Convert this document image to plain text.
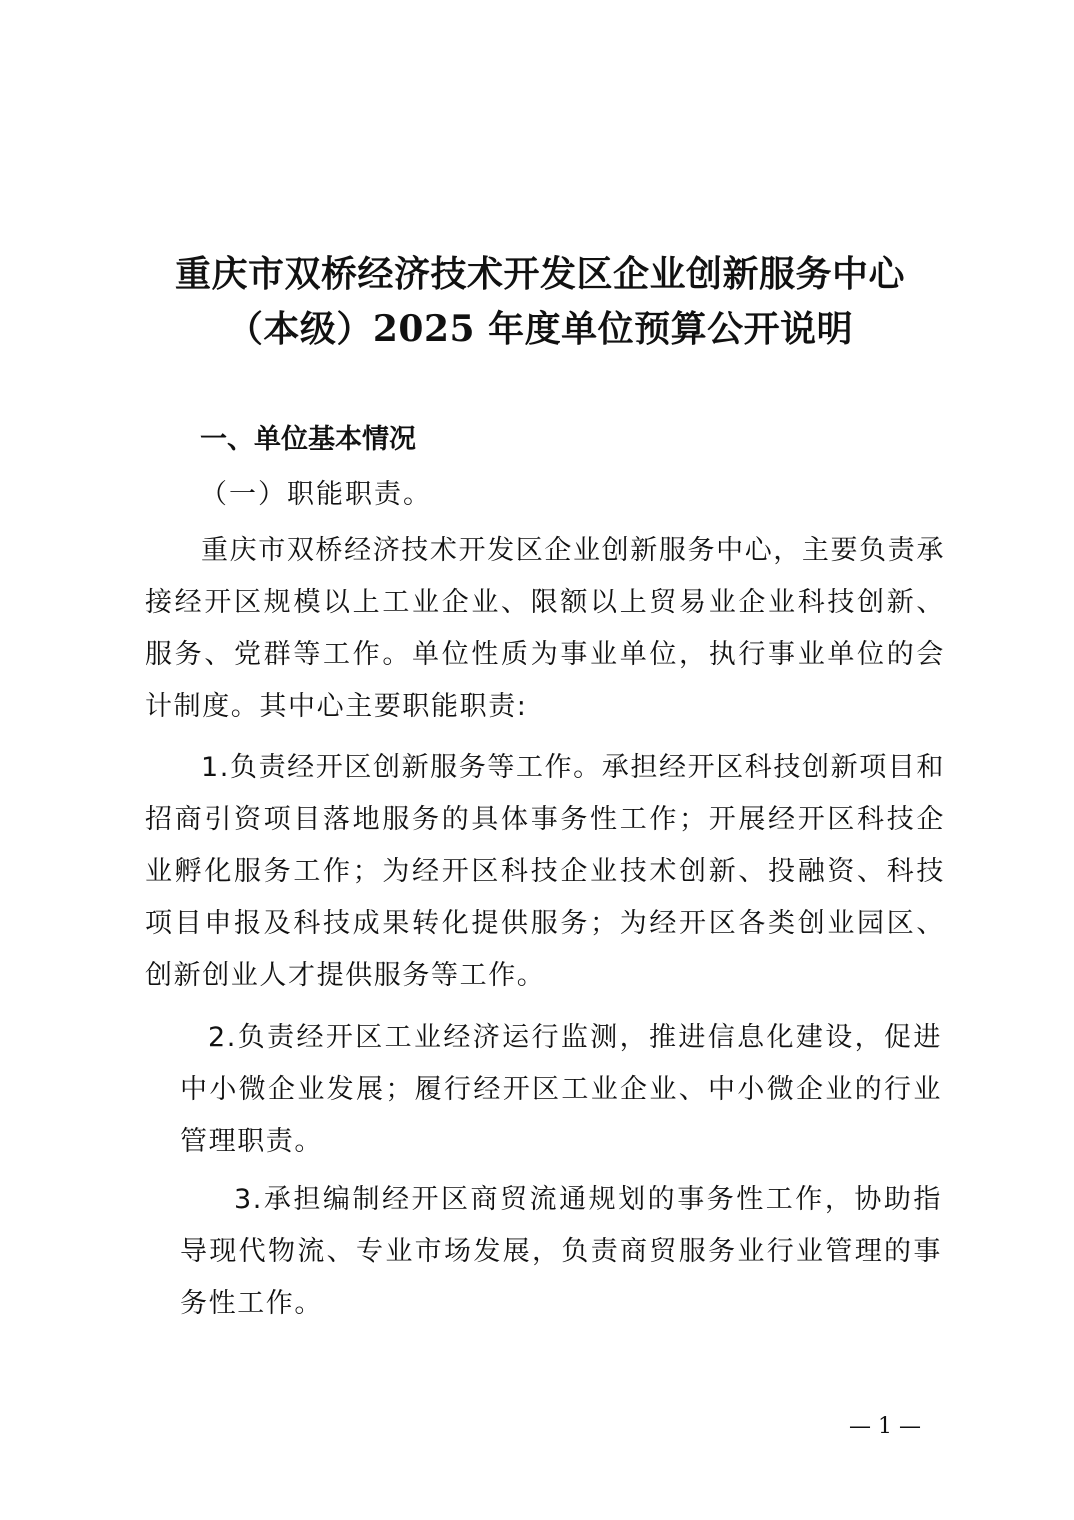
重庆市双桥经济技术开发区企业创新服务中心
（本级）2025 年度单位预算公开说明
一、单位基本情况
（一）职能职责。

重庆市双桥经济技术开发区企业创新服务中心，主要负责承接经开区规模以上工业企业、限额以上贸易业企业科技创新、服务、党群等工作。单位性质为事业单位，执行事业单位的会计制度。其中心主要职能职责:

1.负责经开区创新服务等工作。承担经开区科技创新项目和招商引资项目落地服务的具体事务性工作；开展经开区科技企业孵化服务工作；为经开区科技企业技术创新、投融资、科技项目申报及科技成果转化提供服务；为经开区各类创业园区、创新创业人才提供服务等工作。

2.负责经开区工业经济运行监测，推进信息化建设，促进中小微企业发展；履行经开区工业企业、中小微企业的行业管理职责。

3.承担编制经开区商贸流通规划的事务性工作，协助指导现代物流、专业市场发展，负责商贸服务业行业管理的事务性工作。

— 1 —
